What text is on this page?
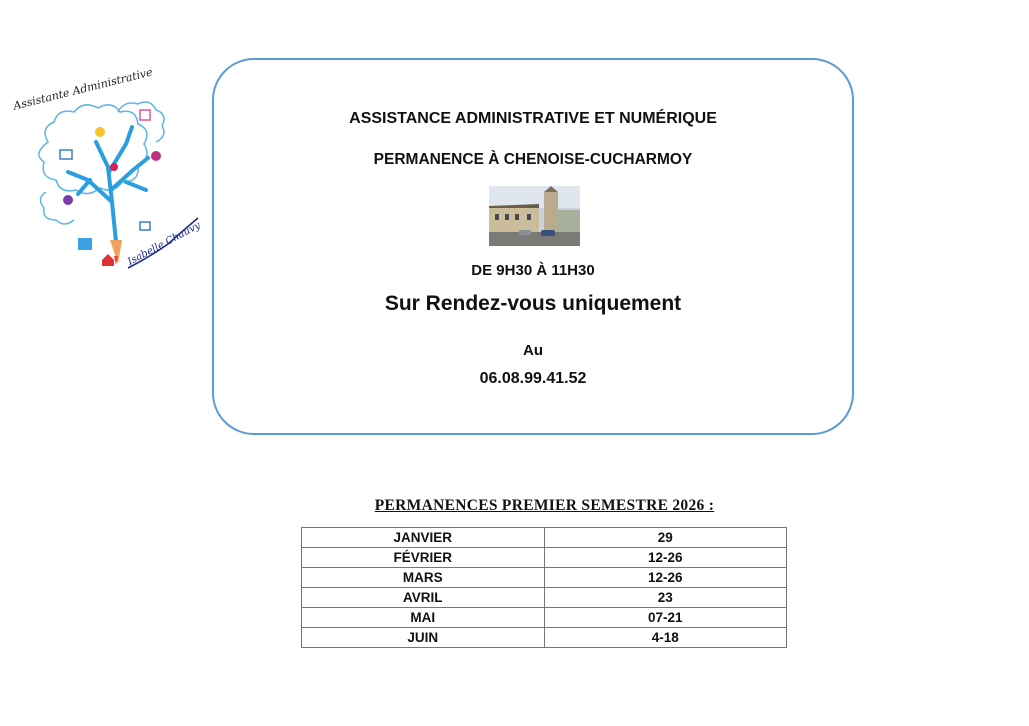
Assistante Administrative
Isabelle Chauvy
ASSISTANCE ADMINISTRATIVE ET NUMÉRIQUE
PERMANENCE À CHENOISE-CUCHARMOY
DE 9H30 À 11H30
Sur Rendez-vous uniquement
Au
06.08.99.41.52
PERMANENCES PREMIER SEMESTRE 2026 :
JANVIER	29
FÉVRIER	12-26
MARS	12-26
AVRIL	23
MAI	07-21
JUIN	4-18
